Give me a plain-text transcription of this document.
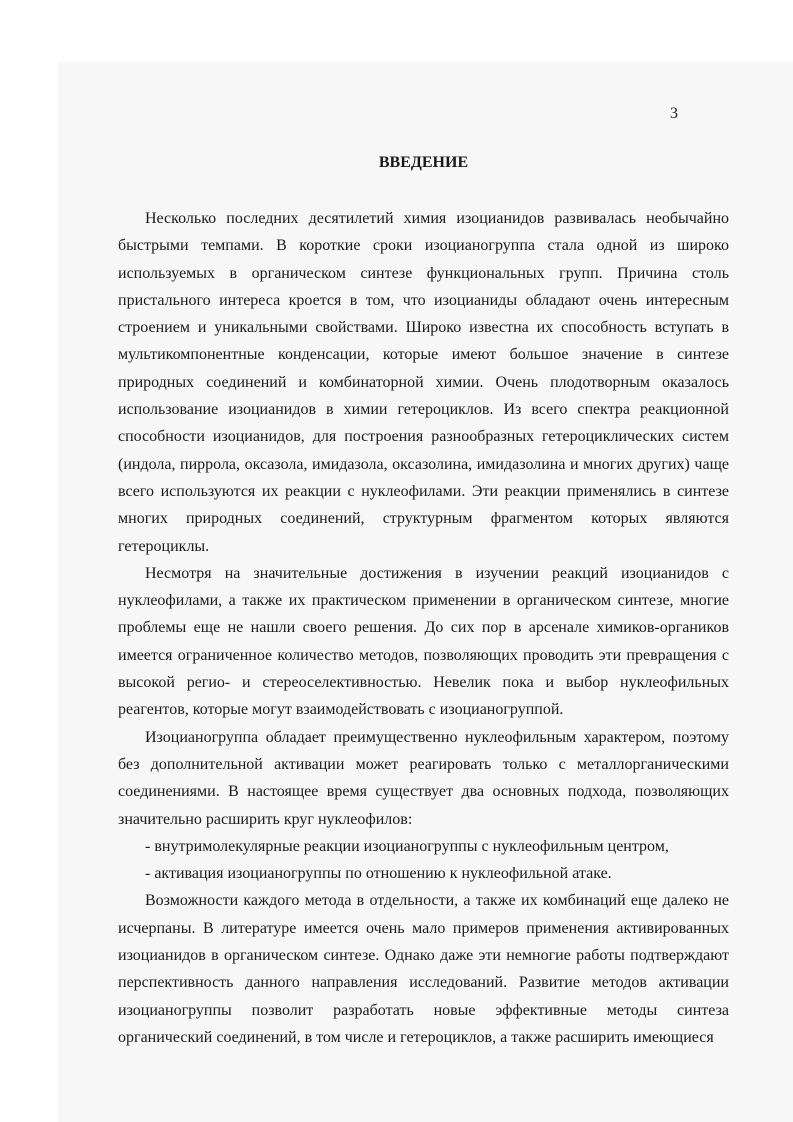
3
ВВЕДЕНИЕ

Несколько последних десятилетий химия изоцианидов развивалась необычайно быстрыми темпами. В короткие сроки изоцианогруппа стала одной из широко используемых в органическом синтезе функциональных групп. Причина столь пристального интереса кроется в том, что изоцианиды обладают очень интересным строением и уникальными свойствами. Широко известна их способность вступать в мультикомпонентные конденсации, которые имеют большое значение в синтезе природных соединений и комбинаторной химии. Очень плодотворным оказалось использование изоцианидов в химии гетероциклов. Из всего спектра реакционной способности изоцианидов, для построения разнообразных гетероциклических систем (индола, пиррола, оксазола, имидазола, оксазолина, имидазолина и многих других) чаще всего используются их реакции с нуклеофилами. Эти реакции применялись в синтезе многих природных соединений, структурным фрагментом которых являются гетероциклы.

Несмотря на значительные достижения в изучении реакций изоцианидов с нуклеофилами, а также их практическом применении в органическом синтезе, многие проблемы еще не нашли своего решения. До сих пор в арсенале химиков-органиков имеется ограниченное количество методов, позволяющих проводить эти превращения с высокой регио- и стереоселективностью. Невелик пока и выбор нуклеофильных реагентов, которые могут взаимодействовать с изоцианогруппой.

Изоцианогруппа обладает преимущественно нуклеофильным характером, поэтому без дополнительной активации может реагировать только с металлорганическими соединениями. В настоящее время существует два основных подхода, позволяющих значительно расширить круг нуклеофилов:

- внутримолекулярные реакции изоцианогруппы с нуклеофильным центром,

- активация изоцианогруппы по отношению к нуклеофильной атаке.

Возможности каждого метода в отдельности, а также их комбинаций еще далеко не исчерпаны. В литературе имеется очень мало примеров применения активированных изоцианидов в органическом синтезе. Однако даже эти немногие работы подтверждают перспективность данного направления исследований. Развитие методов активации изоцианогруппы позволит разработать новые эффективные методы синтеза органический соединений, в том числе и гетероциклов, а также расширить имеющиеся
